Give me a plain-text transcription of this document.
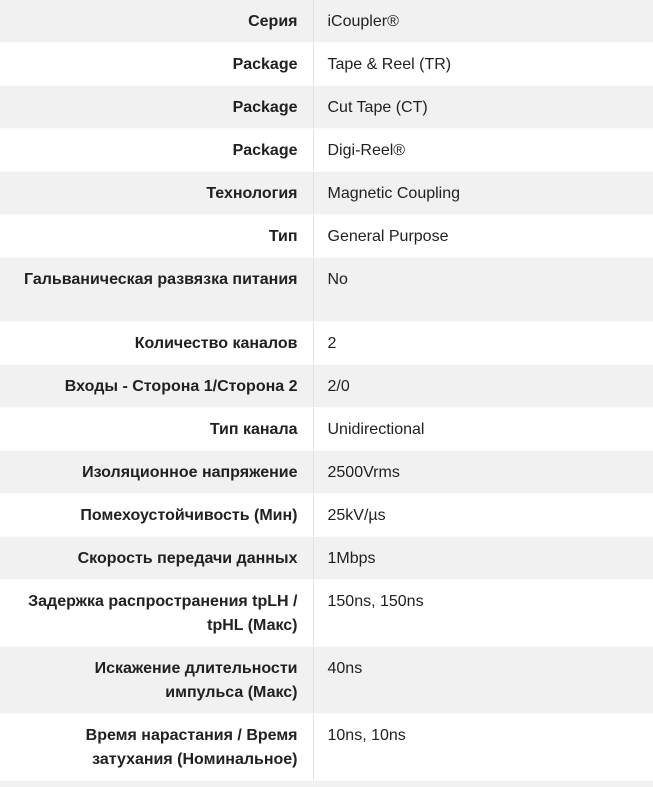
Серия	iCoupler®
Package	Tape & Reel (TR)
Package	Cut Tape (CT)
Package	Digi-Reel®
Технология	Magnetic Coupling
Тип	General Purpose
Гальваническая развязка питания	No
Количество каналов	2
Входы - Сторона 1/Сторона 2	2/0
Тип канала	Unidirectional
Изоляционное напряжение	2500Vrms
Помехоустойчивость (Мин)	25kV/µs
Скорость передачи данных	1Mbps
Задержка распространения tpLH / tpHL (Макс)	150ns, 150ns
Искажение длительности импульса (Макс)	40ns
Время нарастания / Время затухания (Номинальное)	10ns, 10ns
